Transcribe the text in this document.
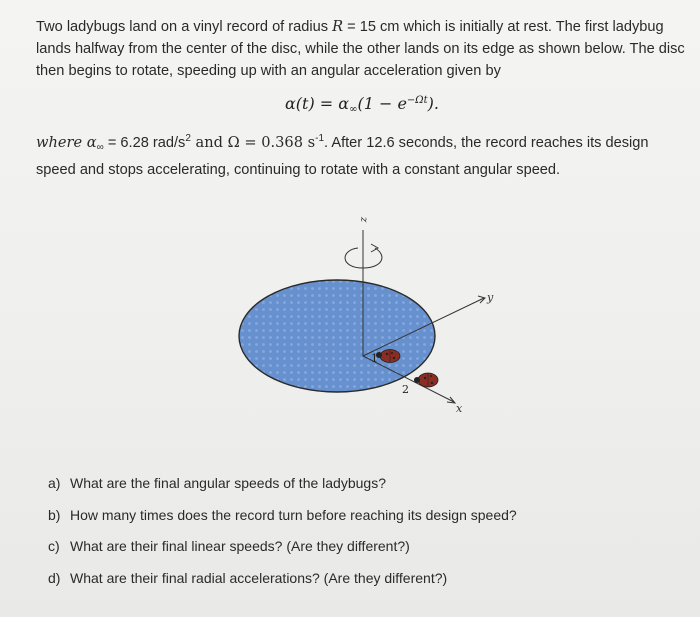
Two ladybugs land on a vinyl record of radius R = 15 cm which is initially at rest. The first ladybug lands halfway from the center of the disc, while the other lands on its edge as shown below. The disc then begins to rotate, speeding up with an angular acceleration given by

$\alpha(t) = \alpha_\infty(1 - e^{-\Omega t})$.

where $\alpha_\infty = 6.28$ rad/$s^2$ and Ω = 0.368 $s^{-1}$. After 12.6 seconds, the record reaches its design speed and stops accelerating, continuing to rotate with a constant angular speed.

z
y
x
1
2
a) What are the final angular speeds of the ladybugs?
b) How many times does the record turn before reaching its design speed?
c) What are their final linear speeds? (Are they different?)
d) What are their final radial accelerations? (Are they different?)
